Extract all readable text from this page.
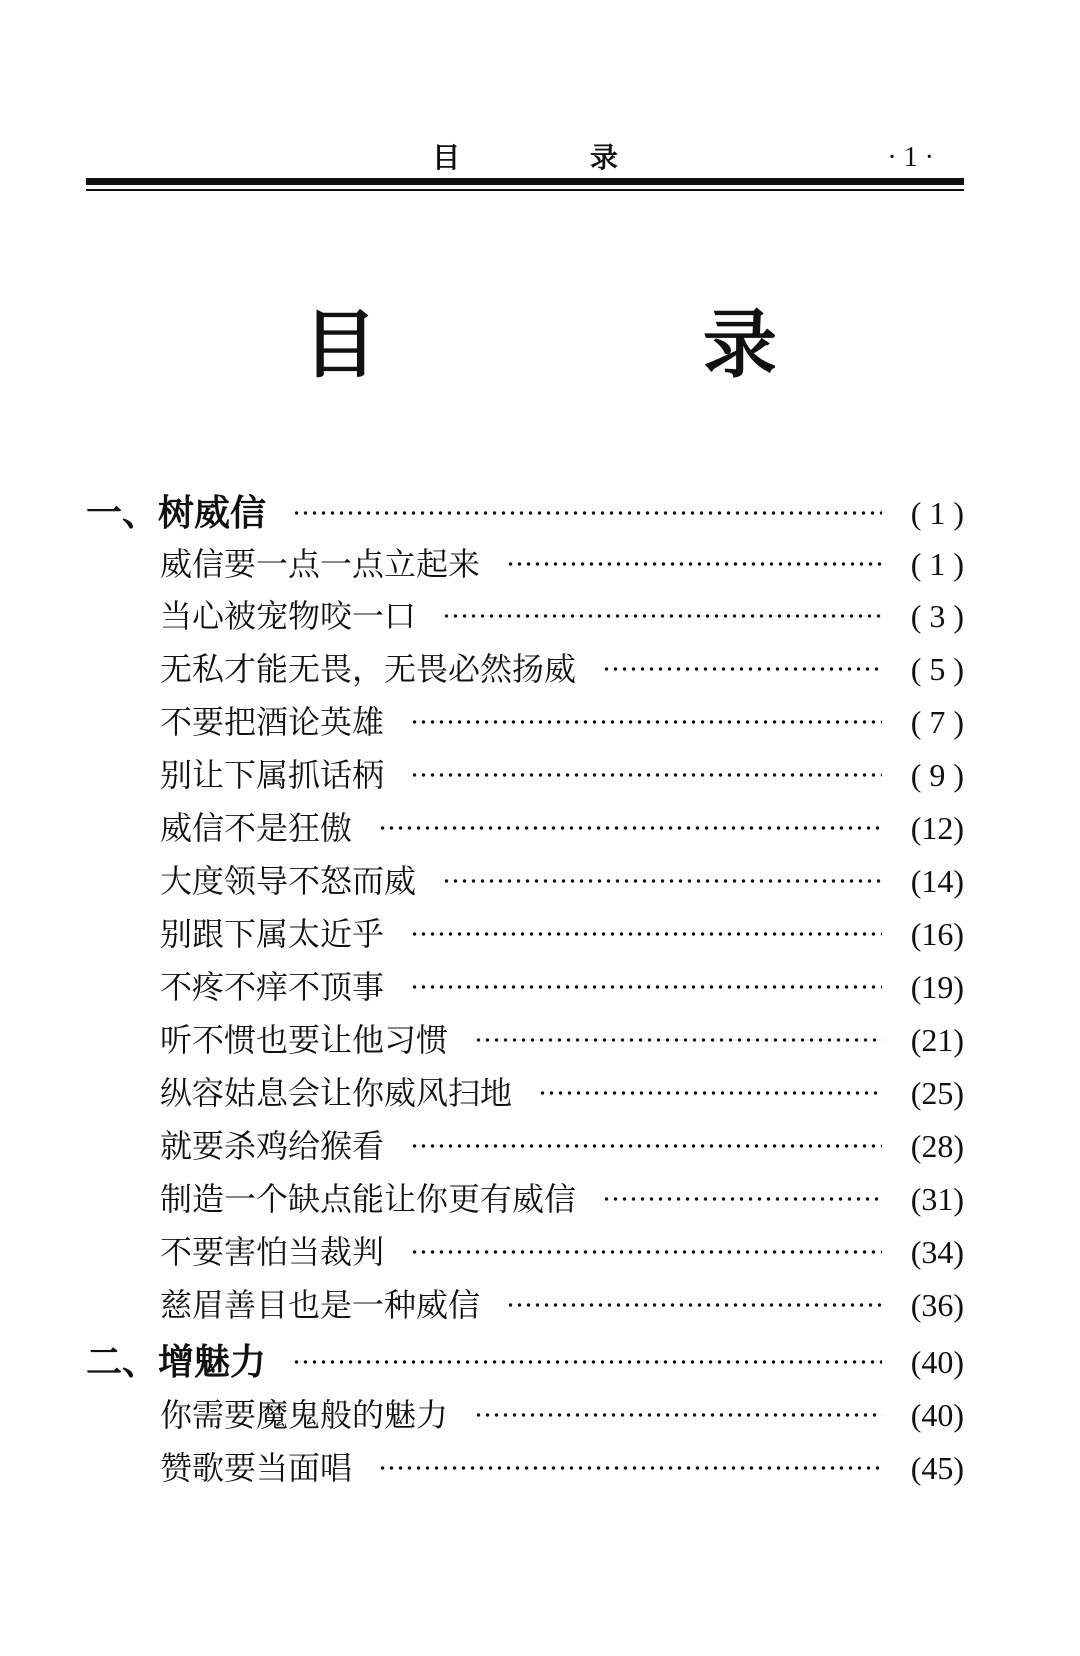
目 录	· 1 ·
目 录
一、树威信	( 1 )
威信要一点一点立起来	( 1 )
当心被宠物咬一口	( 3 )
无私才能无畏，无畏必然扬威	( 5 )
不要把酒论英雄	( 7 )
别让下属抓话柄	( 9 )
威信不是狂傲	(12)
大度领导不怒而威	(14)
别跟下属太近乎	(16)
不疼不痒不顶事	(19)
听不惯也要让他习惯	(21)
纵容姑息会让你威风扫地	(25)
就要杀鸡给猴看	(28)
制造一个缺点能让你更有威信	(31)
不要害怕当裁判	(34)
慈眉善目也是一种威信	(36)
二、增魅力	(40)
你需要魔鬼般的魅力	(40)
赞歌要当面唱	(45)
